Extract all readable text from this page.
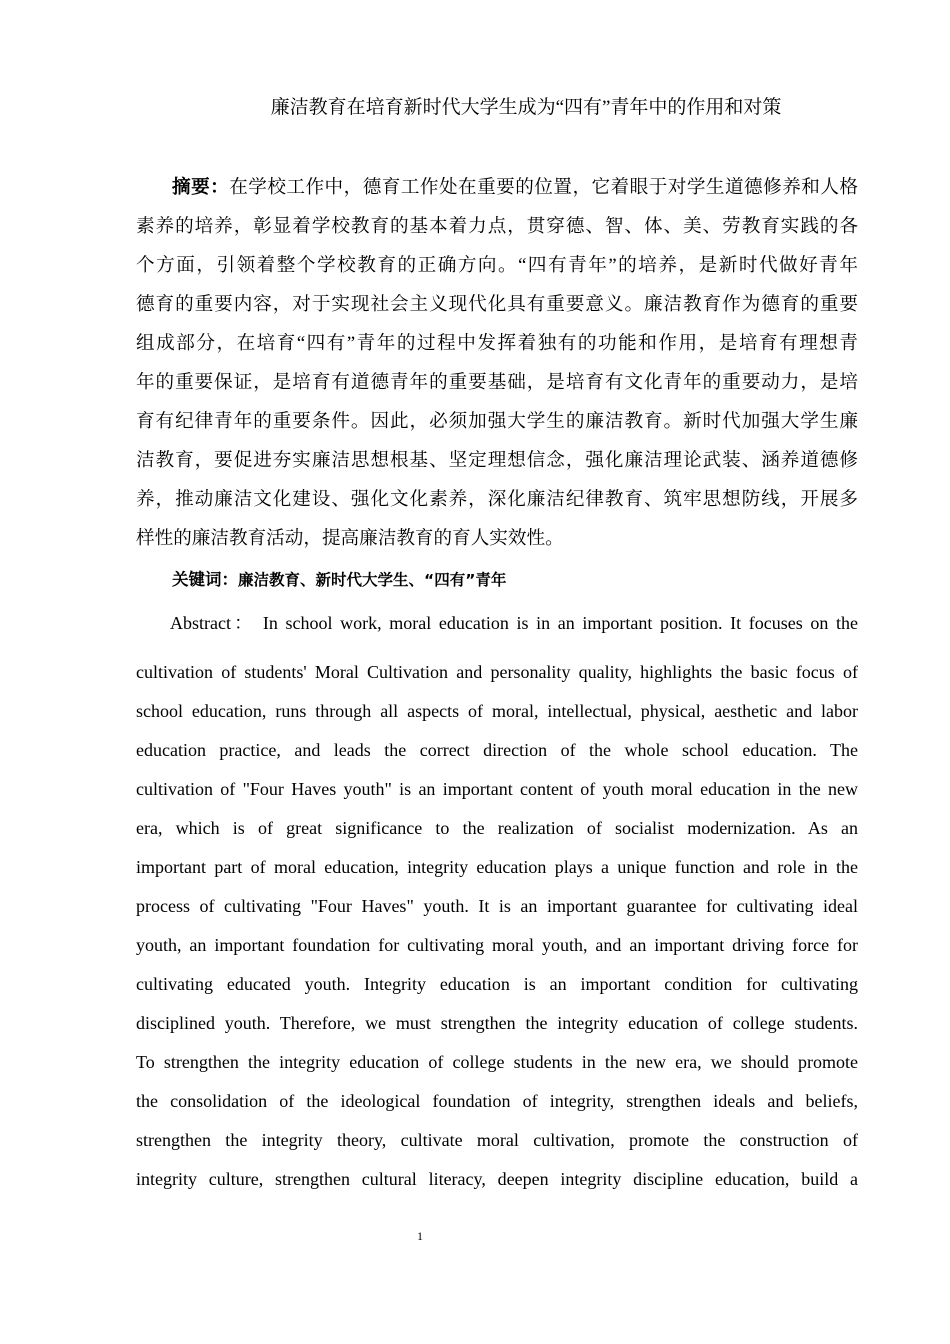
廉洁教育在培育新时代大学生成为“四有”青年中的作用和对策
摘要：在学校工作中，德育工作处在重要的位置，它着眼于对学生道德修养和人格
素养的培养，彰显着学校教育的基本着力点，贯穿德、智、体、美、劳教育实践的各
个方面，引领着整个学校教育的正确方向。“四有青年”的培养，是新时代做好青年
德育的重要内容，对于实现社会主义现代化具有重要意义。廉洁教育作为德育的重要
组成部分，在培育“四有”青年的过程中发挥着独有的功能和作用，是培育有理想青
年的重要保证，是培育有道德青年的重要基础，是培育有文化青年的重要动力，是培
育有纪律青年的重要条件。因此，必须加强大学生的廉洁教育。新时代加强大学生廉
洁教育，要促进夯实廉洁思想根基、坚定理想信念，强化廉洁理论武装、涵养道德修
养，推动廉洁文化建设、强化文化素养，深化廉洁纪律教育、筑牢思想防线，开展多
样性的廉洁教育活动，提高廉洁教育的育人实效性。
关键词：廉洁教育、新时代大学生、“四有”青年
Abstract： In school work, moral education is in an important position. It focuses on the
cultivation of students' Moral Cultivation and personality quality, highlights the basic focus of
school education, runs through all aspects of moral, intellectual, physical, aesthetic and labor
education practice, and leads the correct direction of the whole school education. The
cultivation of "Four Haves youth" is an important content of youth moral education in the new
era, which is of great significance to the realization of socialist modernization. As an
important part of moral education, integrity education plays a unique function and role in the
process of cultivating "Four Haves" youth. It is an important guarantee for cultivating ideal
youth, an important foundation for cultivating moral youth, and an important driving force for
cultivating educated youth. Integrity education is an important condition for cultivating
disciplined youth. Therefore, we must strengthen the integrity education of college students.
To strengthen the integrity education of college students in the new era, we should promote
the consolidation of the ideological foundation of integrity, strengthen ideals and beliefs,
strengthen the integrity theory, cultivate moral cultivation, promote the construction of
integrity culture, strengthen cultural literacy, deepen integrity discipline education, build a
1
